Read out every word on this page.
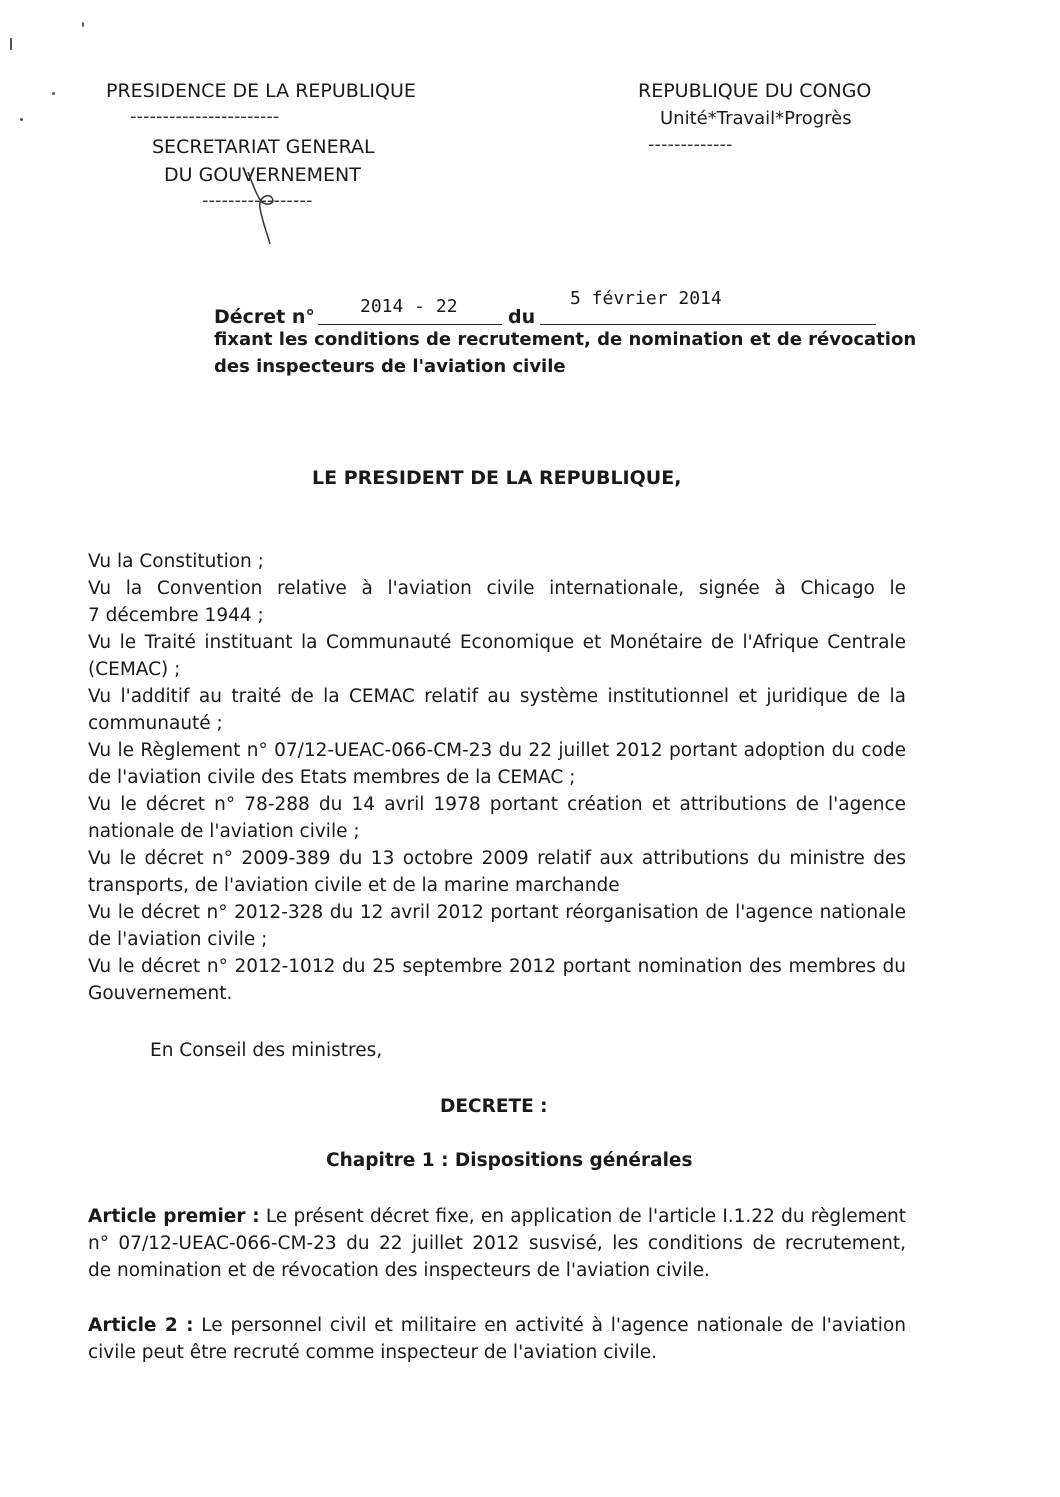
PRESIDENCE DE LA REPUBLIQUE
-----------------------
SECRETARIAT GENERAL
DU GOUVERNEMENT
-----------------
REPUBLIQUE DU CONGO
Unité*Travail*Progrès
-------------
Décret n°	2014 - 22	du
5 février 2014
fixant les conditions de recrutement, de nomination et de révocation
des inspecteurs de l'aviation civile
LE PRESIDENT DE LA REPUBLIQUE,
Vu la Constitution ;
Vu la Convention relative à l'aviation civile internationale, signée à Chicago le
7 décembre 1944 ;
Vu le Traité instituant la Communauté Economique et Monétaire de l'Afrique Centrale
(CEMAC) ;
Vu l'additif au traité de la CEMAC relatif au système institutionnel et juridique de la
communauté ;
Vu le Règlement n° 07/12-UEAC-066-CM-23 du 22 juillet 2012 portant adoption du code
de l'aviation civile des Etats membres de la CEMAC ;
Vu le décret n° 78-288 du 14 avril 1978 portant création et attributions de l'agence
nationale de l'aviation civile ;
Vu le décret n° 2009-389 du 13 octobre 2009 relatif aux attributions du ministre des
transports, de l'aviation civile et de la marine marchande
Vu le décret n° 2012-328 du 12 avril 2012 portant réorganisation de l'agence nationale
de l'aviation civile ;
Vu le décret n° 2012-1012 du 25 septembre 2012 portant nomination des membres du
Gouvernement.
En Conseil des ministres,
DECRETE :
Chapitre 1 : Dispositions générales
Article premier : Le présent décret fixe, en application de l'article I.1.22 du règlement
n° 07/12-UEAC-066-CM-23 du 22 juillet 2012 susvisé, les conditions de recrutement,
de nomination et de révocation des inspecteurs de l'aviation civile.
Article 2 : Le personnel civil et militaire en activité à l'agence nationale de l'aviation
civile peut être recruté comme inspecteur de l'aviation civile.
